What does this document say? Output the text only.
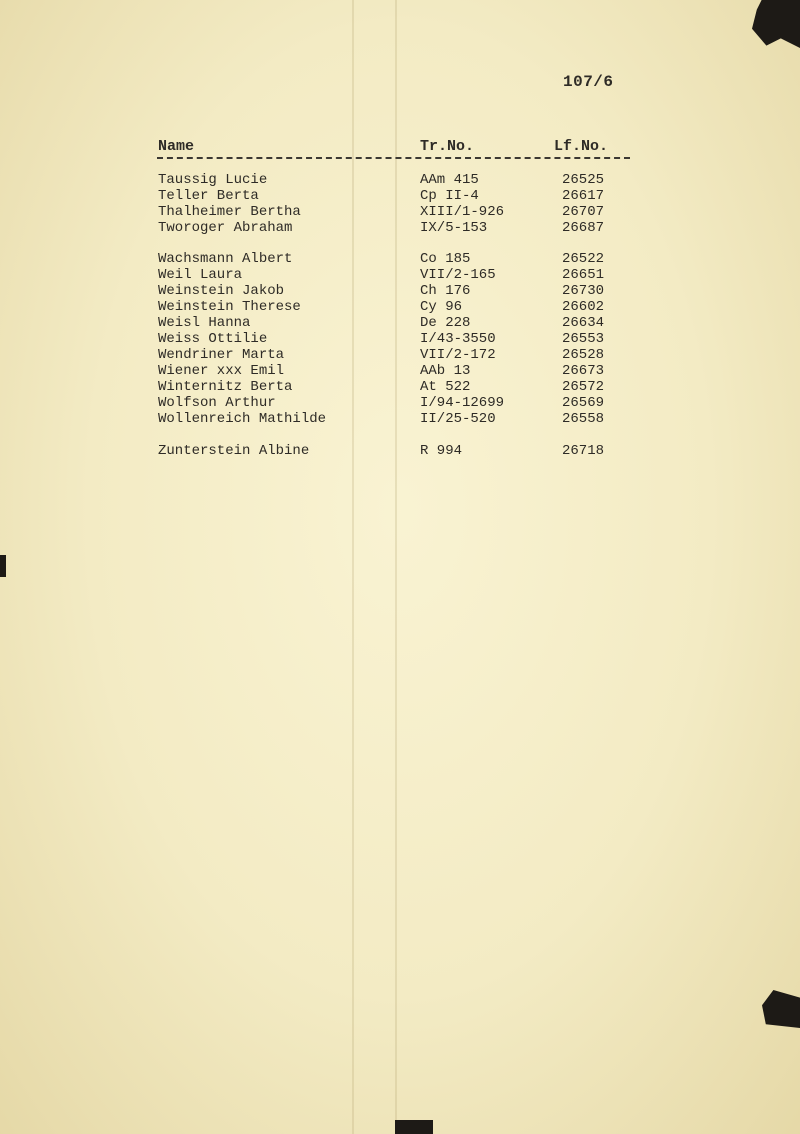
107/6
Name	Tr.No.	Lf.No.
Taussig Lucie	AAm 415	26525
Teller Berta	Cp II-4	26617
Thalheimer Bertha	XIII/1-926	26707
Tworoger Abraham	IX/5-153	26687
Wachsmann Albert	Co 185	26522
Weil Laura	VII/2-165	26651
Weinstein Jakob	Ch 176	26730
Weinstein Therese	Cy 96	26602
Weisl Hanna	De 228	26634
Weiss Ottilie	I/43-3550	26553
Wendriner Marta	VII/2-172	26528
Wiener xxx Emil	AAb 13	26673
Winternitz Berta	At 522	26572
Wolfson Arthur	I/94-12699	26569
Wollenreich Mathilde	II/25-520	26558
Zunterstein Albine	R 994	26718
